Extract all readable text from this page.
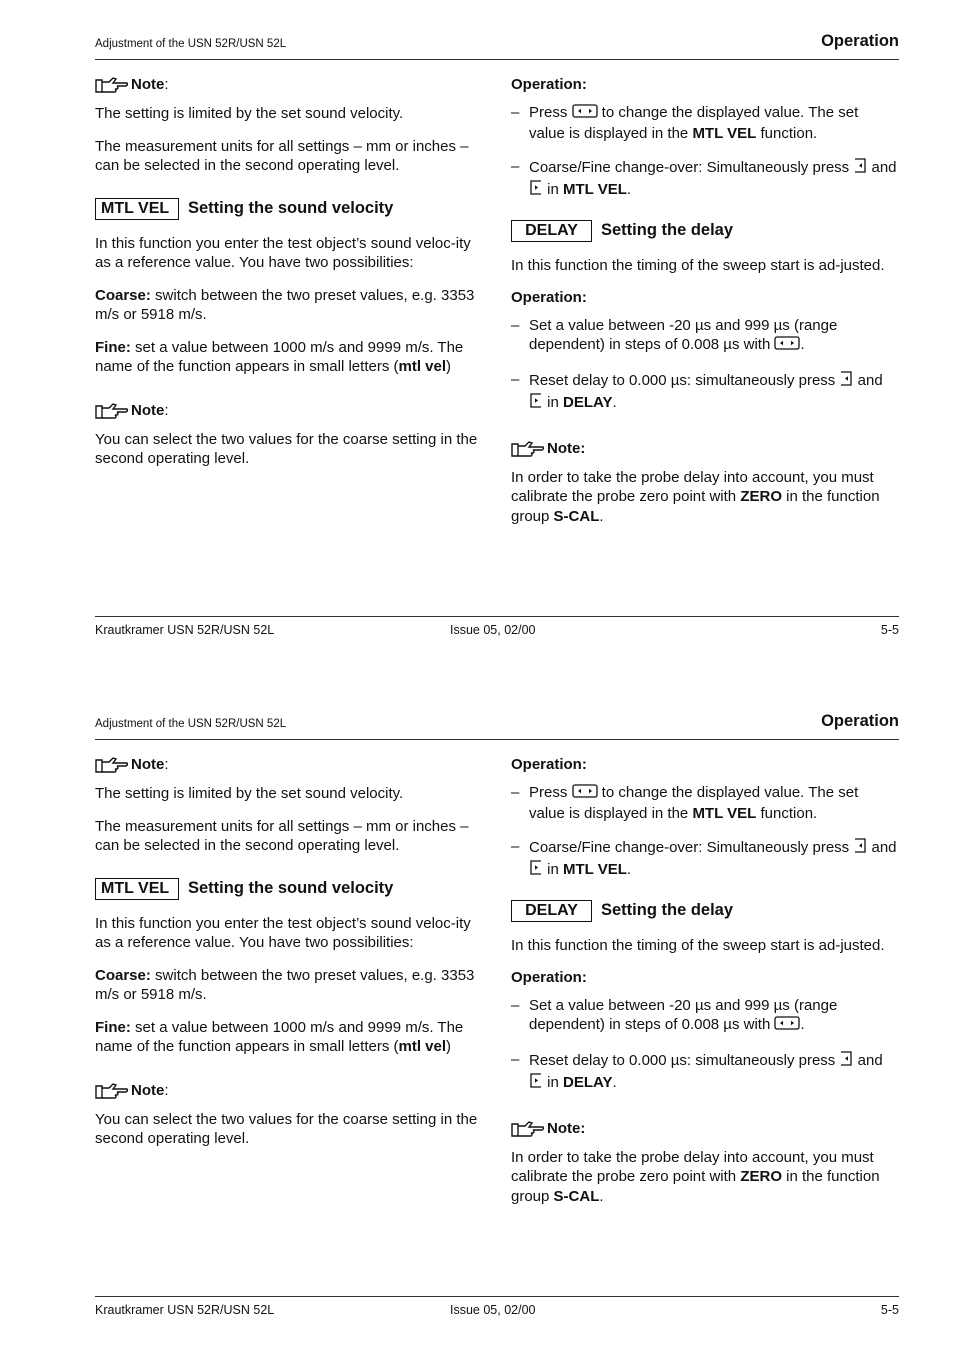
Adjustment of the USN 52R/USN 52L	Operation
Note :

The setting is limited by the set sound velocity.

The measurement units for all settings – mm or inches – can be selected in the second operating level.

MTL VEL	Setting the sound velocity

In this function you enter the test object’s sound veloc-ity as a reference value. You have two possibilities:

Coarse: switch between the two preset values, e.g. 3353 m/s or 5918 m/s.

Fine: set a value between 1000 m/s and 9999 m/s. The name of the function appears in small letters (mtl vel)

Note :

You can select the two values for the coarse setting in the second operating level.

Operation:
– Press  to change the displayed value. The set value is displayed in the MTL VEL function.
– Coarse/Fine change-over: Simultaneously press  and  in MTL VEL.
DELAY	Setting the delay

In this function the timing of the sweep start is ad-justed.

Operation:
– Set a value between -20 µs and 999 µs (range dependent) in steps of 0.008 µs with .
– Reset delay to 0.000 µs: simultaneously press  and  in DELAY.
Note:

In order to take the probe delay into account, you must calibrate the probe zero point with ZERO in the function group S-CAL.

Krautkramer USN 52R/USN 52L	Issue 05, 02/00	5-5
Adjustment of the USN 52R/USN 52L	Operation
Note :

The setting is limited by the set sound velocity.

The measurement units for all settings – mm or inches – can be selected in the second operating level.

MTL VEL	Setting the sound velocity

In this function you enter the test object’s sound veloc-ity as a reference value. You have two possibilities:

Coarse: switch between the two preset values, e.g. 3353 m/s or 5918 m/s.

Fine: set a value between 1000 m/s and 9999 m/s. The name of the function appears in small letters (mtl vel)

Note :

You can select the two values for the coarse setting in the second operating level.

Operation:
– Press  to change the displayed value. The set value is displayed in the MTL VEL function.
– Coarse/Fine change-over: Simultaneously press  and  in MTL VEL.
DELAY	Setting the delay

In this function the timing of the sweep start is ad-justed.

Operation:
– Set a value between -20 µs and 999 µs (range dependent) in steps of 0.008 µs with .
– Reset delay to 0.000 µs: simultaneously press  and  in DELAY.
Note:

In order to take the probe delay into account, you must calibrate the probe zero point with ZERO in the function group S-CAL.

Krautkramer USN 52R/USN 52L	Issue 05, 02/00	5-5
